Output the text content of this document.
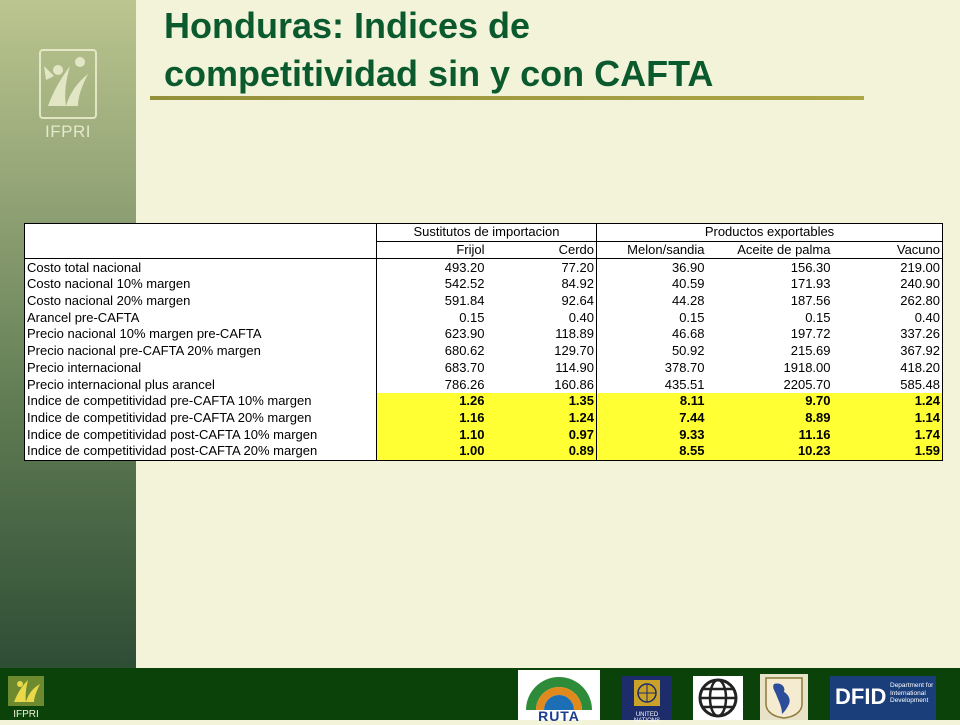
IFPRI
Honduras: Indices de
competitividad sin y con CAFTA
	Sustitutos de importacion		Productos exportables		
	Frijol	Cerdo	Melon/sandia	Aceite de palma	Vacuno
Costo total nacional	493.20	77.20	36.90	156.30	219.00
Costo nacional 10% margen	542.52	84.92	40.59	171.93	240.90
Costo nacional 20% margen	591.84	92.64	44.28	187.56	262.80
Arancel pre-CAFTA	0.15	0.40	0.15	0.15	0.40
Precio nacional 10% margen pre-CAFTA	623.90	118.89	46.68	197.72	337.26
Precio nacional pre-CAFTA 20% margen	680.62	129.70	50.92	215.69	367.92
Precio internacional	683.70	114.90	378.70	1918.00	418.20
Precio internacional plus arancel	786.26	160.86	435.51	2205.70	585.48
Indice de competitividad pre-CAFTA 10% margen	1.26	1.35	8.11	9.70	1.24
Indice de competitividad pre-CAFTA 20% margen	1.16	1.24	7.44	8.89	1.14
Indice de competitividad post-CAFTA 10% margen	1.10	0.97	9.33	11.16	1.74
Indice de competitividad post-CAFTA 20% margen	1.00	0.89	8.55	10.23	1.59
IFPRI	RUTA	UNITED NATIONS
DFID Department for
International
Development
